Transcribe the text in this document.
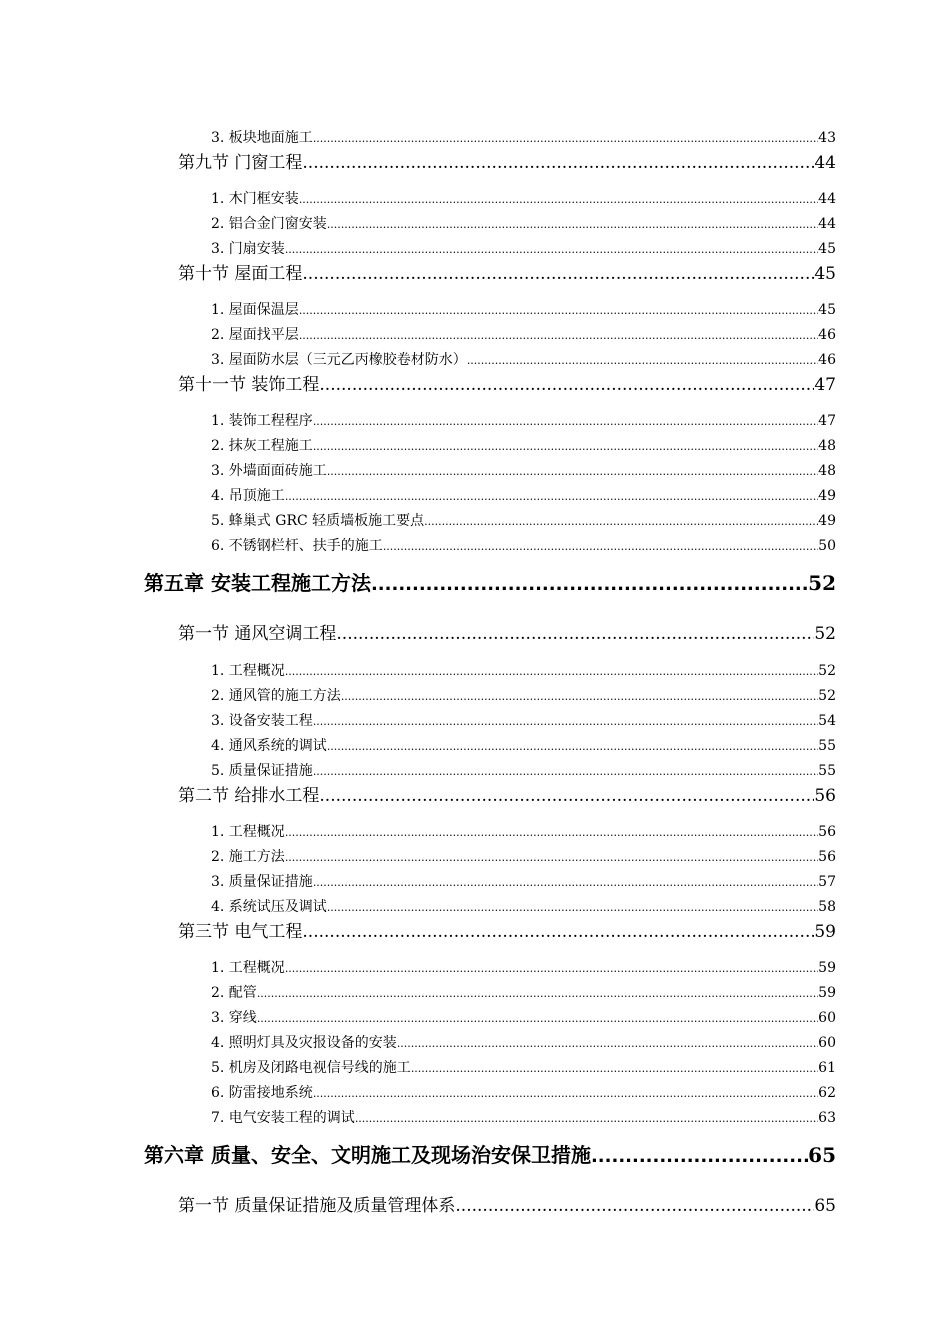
3. 板块地面施工 .....	43
第九节 门窗工程 .....	44
1. 木门框安装 .....	44
2. 铝合金门窗安装 .....	44
3. 门扇安装 .....	45
第十节 屋面工程 .....	45
1. 屋面保温层 .....	45
2. 屋面找平层 .....	46
3. 屋面防水层（三元乙丙橡胶卷材防水） .....	46
第十一节 装饰工程 .....	47
1. 装饰工程程序 .....	47
2. 抹灰工程施工 .....	48
3. 外墙面面砖施工 .....	48
4. 吊顶施工 .....	49
5. 蜂巢式 GRC 轻质墙板施工要点 .....	49
6. 不锈钢栏杆、扶手的施工 .....	50
第五章 安装工程施工方法 .....	52
第一节 通风空调工程 .....	52
1. 工程概况 .....	52
2. 通风管的施工方法 .....	52
3. 设备安装工程 .....	54
4. 通风系统的调试 .....	55
5. 质量保证措施 .....	55
第二节 给排水工程 .....	56
1. 工程概况 .....	56
2. 施工方法 .....	56
3. 质量保证措施 .....	57
4. 系统试压及调试 .....	58
第三节 电气工程 .....	59
1. 工程概况 .....	59
2. 配管 .....	59
3. 穿线 .....	60
4. 照明灯具及灾报设备的安装 .....	60
5. 机房及闭路电视信号线的施工 .....	61
6. 防雷接地系统 .....	62
7. 电气安装工程的调试 .....	63
第六章 质量、安全、文明施工及现场治安保卫措施 .....	65
第一节 质量保证措施及质量管理体系 .....	65
